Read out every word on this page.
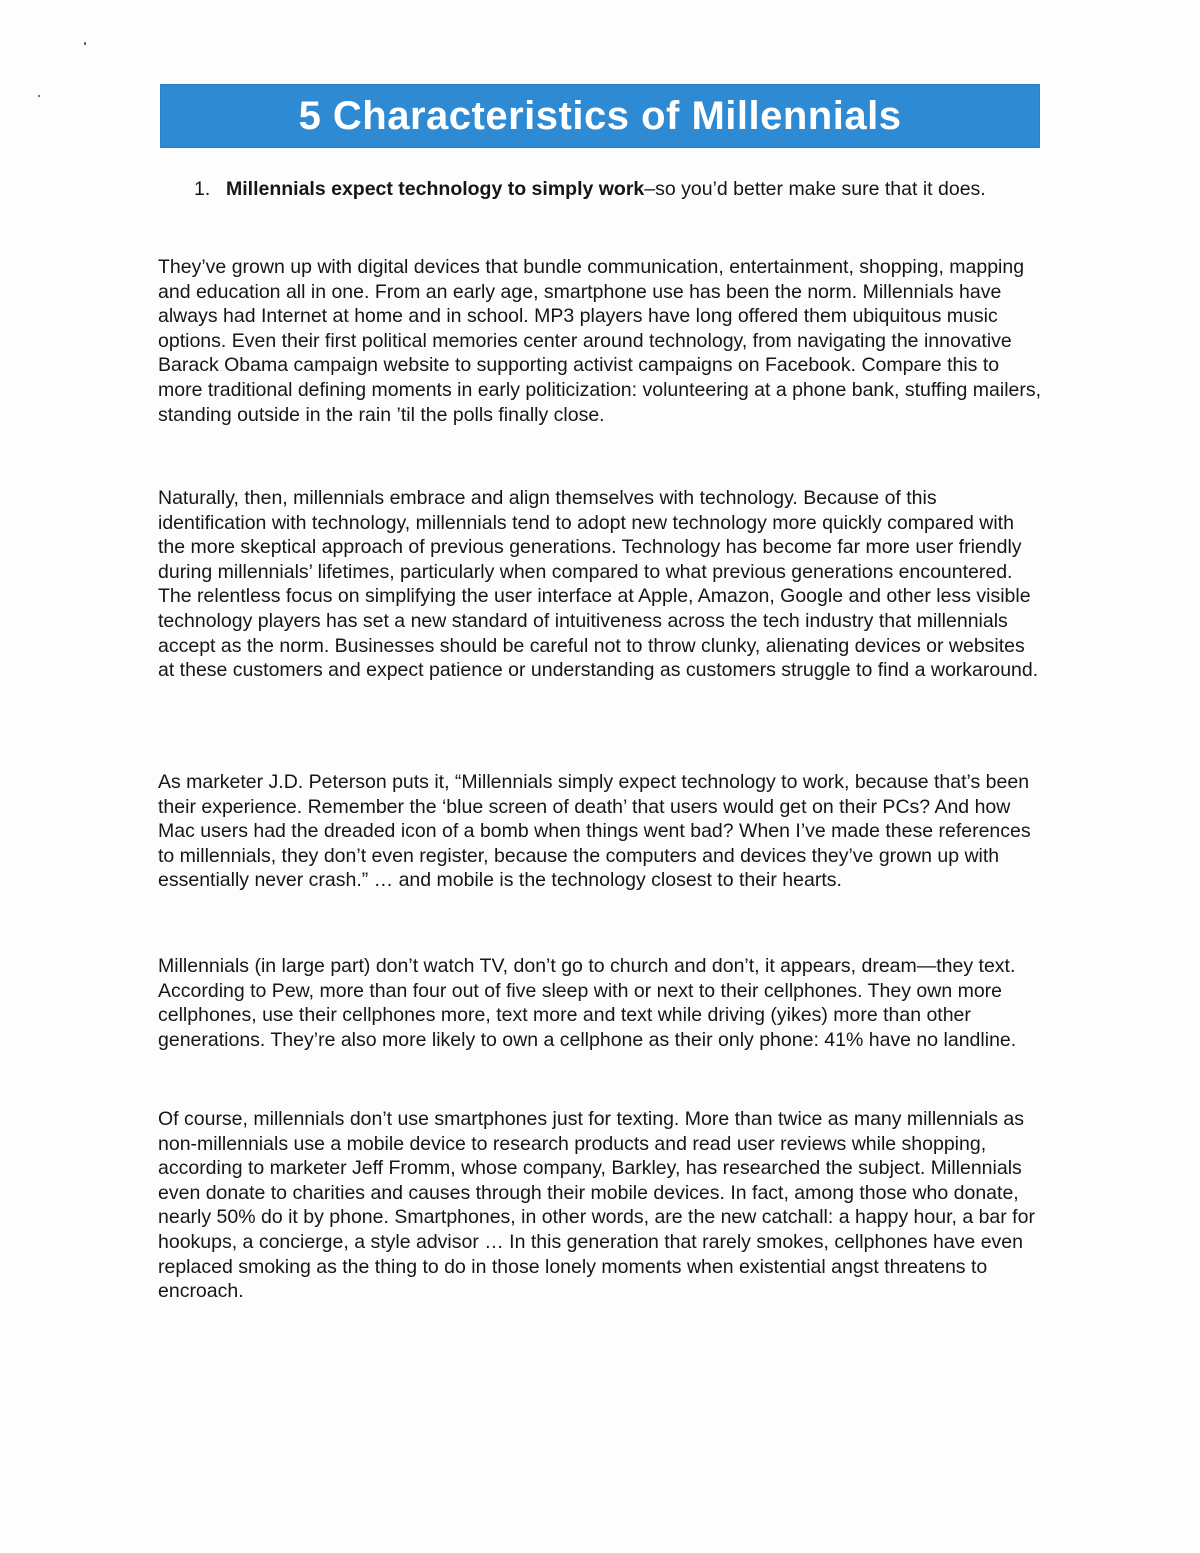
5 Characteristics of Millennials
1. Millennials expect technology to simply work–so you’d better make sure that it does.

They’ve grown up with digital devices that bundle communication, entertainment, shopping, mapping and education all in one. From an early age, smartphone use has been the norm. Millennials have always had Internet at home and in school. MP3 players have long offered them ubiquitous music options. Even their first political memories center around technology, from navigating the innovative Barack Obama campaign website to supporting activist campaigns on Facebook. Compare this to more traditional defining moments in early politicization: volunteering at a phone bank, stuffing mailers, standing outside in the rain ’til the polls finally close.

Naturally, then, millennials embrace and align themselves with technology. Because of this identification with technology, millennials tend to adopt new technology more quickly compared with the more skeptical approach of previous generations. Technology has become far more user friendly during millennials’ lifetimes, particularly when compared to what previous generations encountered. The relentless focus on simplifying the user interface at Apple, Amazon, Google and other less visible technology players has set a new standard of intuitiveness across the tech industry that millennials accept as the norm. Businesses should be careful not to throw clunky, alienating devices or websites at these customers and expect patience or understanding as customers struggle to find a workaround.

As marketer J.D. Peterson puts it, “Millennials simply expect technology to work, because that’s been their experience. Remember the ‘blue screen of death’ that users would get on their PCs? And how Mac users had the dreaded icon of a bomb when things went bad? When I’ve made these references to millennials, they don’t even register, because the computers and devices they’ve grown up with essentially never crash.” … and mobile is the technology closest to their hearts.

Millennials (in large part) don’t watch TV, don’t go to church and don’t, it appears, dream—they text. According to Pew, more than four out of five sleep with or next to their cellphones. They own more cellphones, use their cellphones more, text more and text while driving (yikes) more than other generations. They’re also more likely to own a cellphone as their only phone: 41% have no landline.

Of course, millennials don’t use smartphones just for texting. More than twice as many millennials as non-millennials use a mobile device to research products and read user reviews while shopping, according to marketer Jeff Fromm, whose company, Barkley, has researched the subject. Millennials even donate to charities and causes through their mobile devices. In fact, among those who donate, nearly 50% do it by phone. Smartphones, in other words, are the new catchall: a happy hour, a bar for hookups, a concierge, a style advisor … In this generation that rarely smokes, cellphones have even replaced smoking as the thing to do in those lonely moments when existential angst threatens to encroach.
